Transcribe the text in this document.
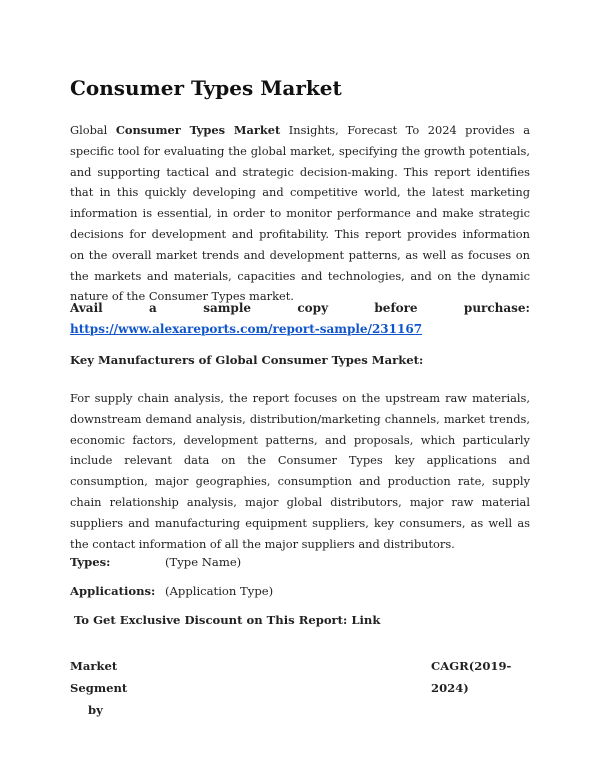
Consumer Types Market

Global Consumer Types Market Insights, Forecast To 2024 provides a specific tool for evaluating the global market, specifying the growth potentials, and supporting tactical and strategic decision-making. This report identifies that in this quickly developing and competitive world, the latest marketing information is essential, in order to monitor performance and make strategic decisions for development and profitability. This report provides information on the overall market trends and development patterns, as well as focuses on the markets and materials, capacities and technologies, and on the dynamic nature of the Consumer Types market.

Avail a sample copy before purchase: https://www.alexareports.com/report-sample/231167

Key Manufacturers of Global Consumer Types Market:

For supply chain analysis, the report focuses on the upstream raw materials, downstream demand analysis, distribution/marketing channels, market trends, economic factors, development patterns, and proposals, which particularly include relevant data on the Consumer Types key applications and consumption, major geographies, consumption and production rate, supply chain relationship analysis, major global distributors, major raw material suppliers and manufacturing equipment suppliers, key consumers, as well as the contact information of all the major suppliers and distributors.

Types:	(Type Name)
Applications: (Application Type)

To Get Exclusive Discount on This Report: Link

Market
Segmentby
CAGR (2019-
2024)
